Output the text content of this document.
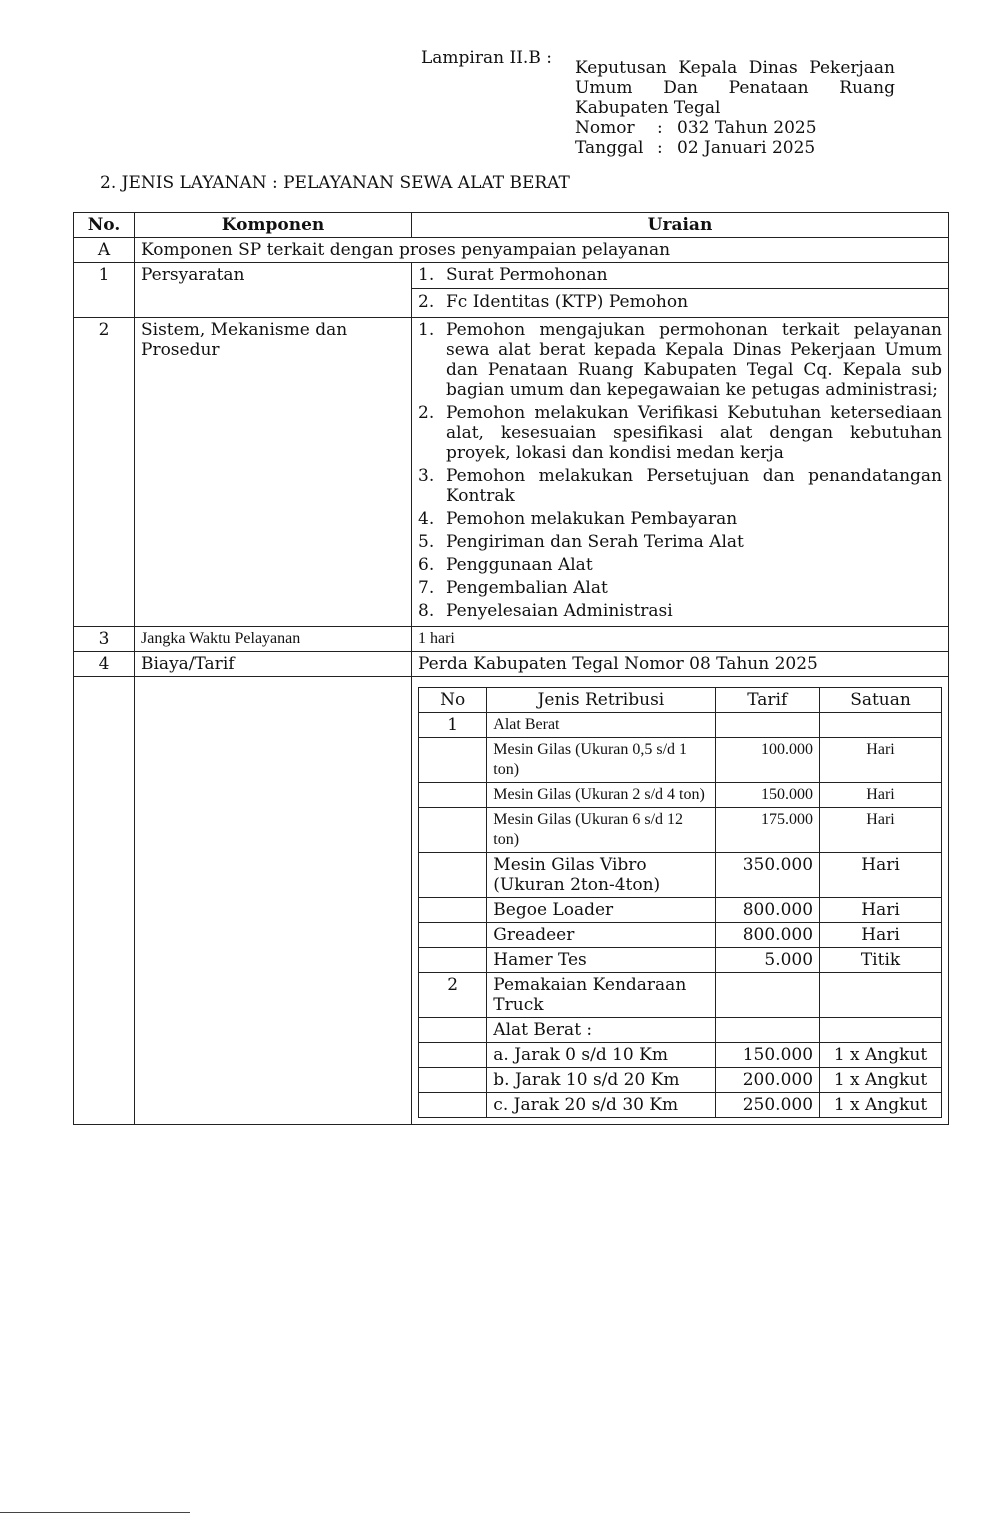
Lampiran II.B : Keputusan Kepala Dinas Pekerjaan
Umum Dan Penataan Ruang
Kabupaten Tegal
Nomor	: 032 Tahun 2025
Tanggal : 02 Januari 2025
2. JENIS LAYANAN : PELAYANAN SEWA ALAT BERAT
No.	Komponen	Uraian
A	Komponen SP terkait dengan proses penyampaian pelayanan
1	Persyaratan	1. Surat Permohonan
2. Fc Identitas (KTP) Pemohon

2	Sistem, Mekanisme dan Prosedur	
1. Pemohon mengajukan permohonan terkait pelayanan sewa alat berat kepada Kepala Dinas Pekerjaan Umum dan Penataan Ruang Kabupaten Tegal Cq. Kepala sub bagian umum dan kepegawaian ke petugas administrasi;
2. Pemohon melakukan Verifikasi Kebutuhan ketersediaan alat, kesesuaian spesifikasi alat dengan kebutuhan proyek, lokasi dan kondisi medan kerja
3. Pemohon melakukan Persetujuan dan penandatangan Kontrak
4. Pemohon melakukan Pembayaran
5. Pengiriman dan Serah Terima Alat
6. Penggunaan Alat
7. Pengembalian Alat
8. Penyelesaian Administrasi

3	Jangka Waktu Pelayanan	1 hari
4	Biaya/Tarif	Perda Kabupaten Tegal Nomor 08 Tahun 2025

No	Jenis Retribusi	Tarif	Satuan
1	Alat Berat		
	Mesin Gilas (Ukuran 0,5 s/d 1 ton)	100.000	Hari
	Mesin Gilas (Ukuran 2 s/d 4 ton)	150.000	Hari
	Mesin Gilas (Ukuran 6 s/d 12 ton)	175.000	Hari
	Mesin Gilas Vibro (Ukuran 2ton-4ton)	350.000	Hari
	Begoe Loader	800.000	Hari
	Greadeer	800.000	Hari
	Hamer Tes	5.000	Titik
2	Pemakaian Kendaraan Truck		
	Alat Berat :		
	a. Jarak 0 s/d 10 Km	150.000	1 x Angkut
	b. Jarak 10 s/d 20 Km	200.000	1 x Angkut
	c. Jarak 20 s/d 30 Km	250.000	1 x Angkut
